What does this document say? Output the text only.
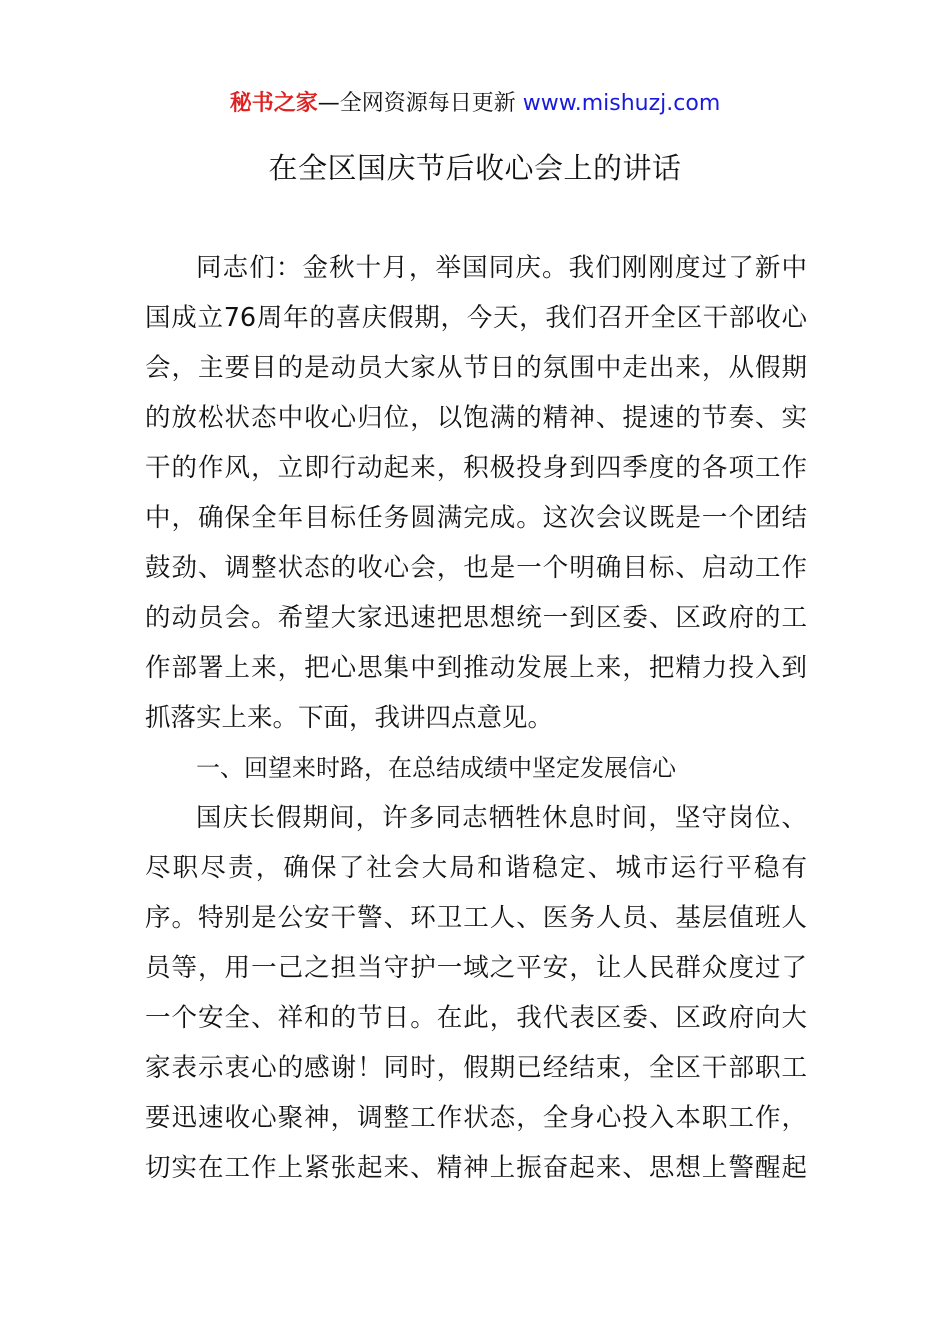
秘书之家—全网资源每日更新 www.mishuzj.com
在全区国庆节后收心会上的讲话
同志们：金秋十月，举国同庆。我们刚刚度过了新中
国成立76周年的喜庆假期，今天，我们召开全区干部收心
会，主要目的是动员大家从节日的氛围中走出来，从假期
的放松状态中收心归位，以饱满的精神、提速的节奏、实
干的作风，立即行动起来，积极投身到四季度的各项工作
中，确保全年目标任务圆满完成。这次会议既是一个团结
鼓劲、调整状态的收心会，也是一个明确目标、启动工作
的动员会。希望大家迅速把思想统一到区委、区政府的工
作部署上来，把心思集中到推动发展上来，把精力投入到
抓落实上来。下面，我讲四点意见。
一、回望来时路，在总结成绩中坚定发展信心
国庆长假期间，许多同志牺牲休息时间，坚守岗位、
尽职尽责，确保了社会大局和谐稳定、城市运行平稳有
序。特别是公安干警、环卫工人、医务人员、基层值班人
员等，用一己之担当守护一域之平安，让人民群众度过了
一个安全、祥和的节日。在此，我代表区委、区政府向大
家表示衷心的感谢！同时，假期已经结束，全区干部职工
要迅速收心聚神，调整工作状态，全身心投入本职工作，
切实在工作上紧张起来、精神上振奋起来、思想上警醒起
